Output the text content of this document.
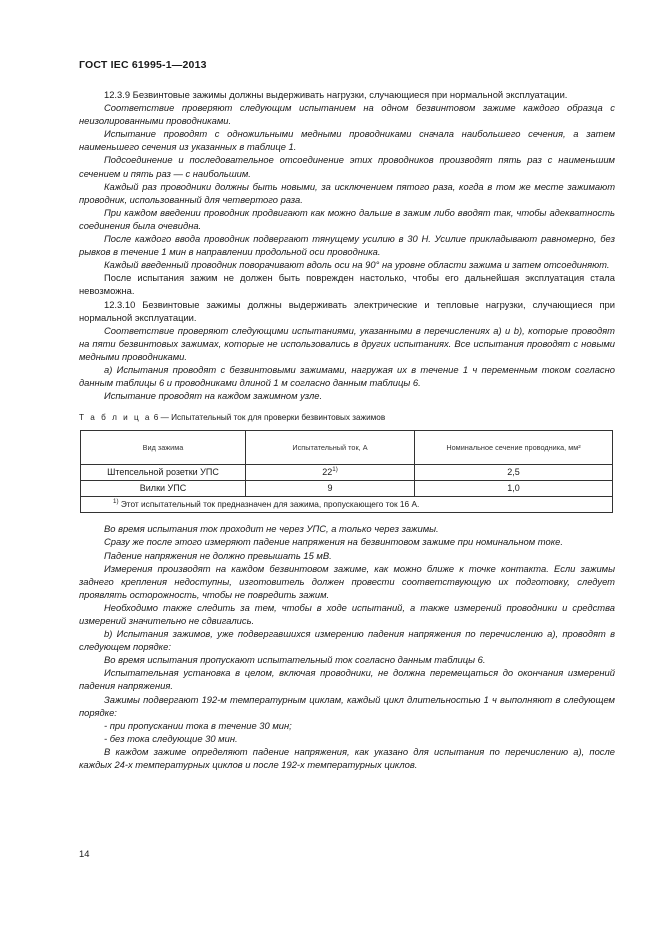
ГОСТ IEC 61995-1—2013

12.3.9 Безвинтовые зажимы должны выдерживать нагрузки, случающиеся при нормальной эксплуатации.

Соответствие проверяют следующим испытанием на одном безвинтовом зажиме каждого образца с неизолированными проводниками.

Испытание проводят с одножильными медными проводниками сначала наибольшего сечения, а затем наименьшего сечения из указанных в таблице 1.

Подсоединение и последовательное отсоединение этих проводников производят пять раз с наименьшим сечением и пять раз — с наибольшим.

Каждый раз проводники должны быть новыми, за исключением пятого раза, когда в том же месте зажимают проводник, использованный для четвертого раза.

При каждом введении проводник продвигают как можно дальше в зажим либо вводят так, чтобы адекватность соединения была очевидна.

После каждого ввода проводник подвергают тянущему усилию в 30 Н. Усилие прикладывают равномерно, без рывков в течение 1 мин в направлении продольной оси проводника.

Каждый введенный проводник поворачивают вдоль оси на 90° на уровне области зажима и затем отсоединяют.

После испытания зажим не должен быть поврежден настолько, чтобы его дальнейшая эксплуатация стала невозможна.

12.3.10 Безвинтовые зажимы должны выдерживать электрические и тепловые нагрузки, случающиеся при нормальной эксплуатации.

Соответствие проверяют следующими испытаниями, указанными в перечислениях а) и b), которые проводят на пяти безвинтовых зажимах, которые не использовались в других испытаниях. Все испытания проводят с новыми медными проводниками.

а) Испытания проводят с безвинтовыми зажимами, нагружая их в течение 1 ч переменным током согласно данным таблицы 6 и проводниками длиной 1 м согласно данным таблицы 6.

Испытание проводят на каждом зажимном узле.

Т а б л и ц а 6 — Испытательный ток для проверки безвинтовых зажимов

Вид зажима	Испытательный ток, А	Номинальное сечение проводника, мм²
Штепсельной розетки УПС	22$^{1)}$	2,5
Вилки УПС	9	1,0
$^{1)}$ Этот испытательный ток предназначен для зажима, пропускающего ток 16 А.		

Во время испытания ток проходит не через УПС, а только через зажимы.

Сразу же после этого измеряют падение напряжения на безвинтовом зажиме при номинальном токе.

Падение напряжения не должно превышать 15 мВ.

Измерения производят на каждом безвинтовом зажиме, как можно ближе к точке контакта. Если зажимы заднего крепления недоступны, изготовитель должен провести соответствующую их подготовку, следует проявлять осторожность, чтобы не повредить зажим.

Необходимо также следить за тем, чтобы в ходе испытаний, а также измерений проводники и средства измерений значительно не сдвигались.

b) Испытания зажимов, уже подвергавшихся измерению падения напряжения по перечислению а), проводят в следующем порядке:

Во время испытания пропускают испытательный ток согласно данным таблицы 6.

Испытательная установка в целом, включая проводники, не должна перемещаться до окончания измерений падения напряжения.

Зажимы подвергают 192-м температурным циклам, каждый цикл длительностью 1 ч выполняют в следующем порядке:

- при пропускании тока в течение 30 мин;

- без тока следующие 30 мин.

В каждом зажиме определяют падение напряжения, как указано для испытания по перечислению а), после каждых 24-х температурных циклов и после 192-х температурных циклов.

14
